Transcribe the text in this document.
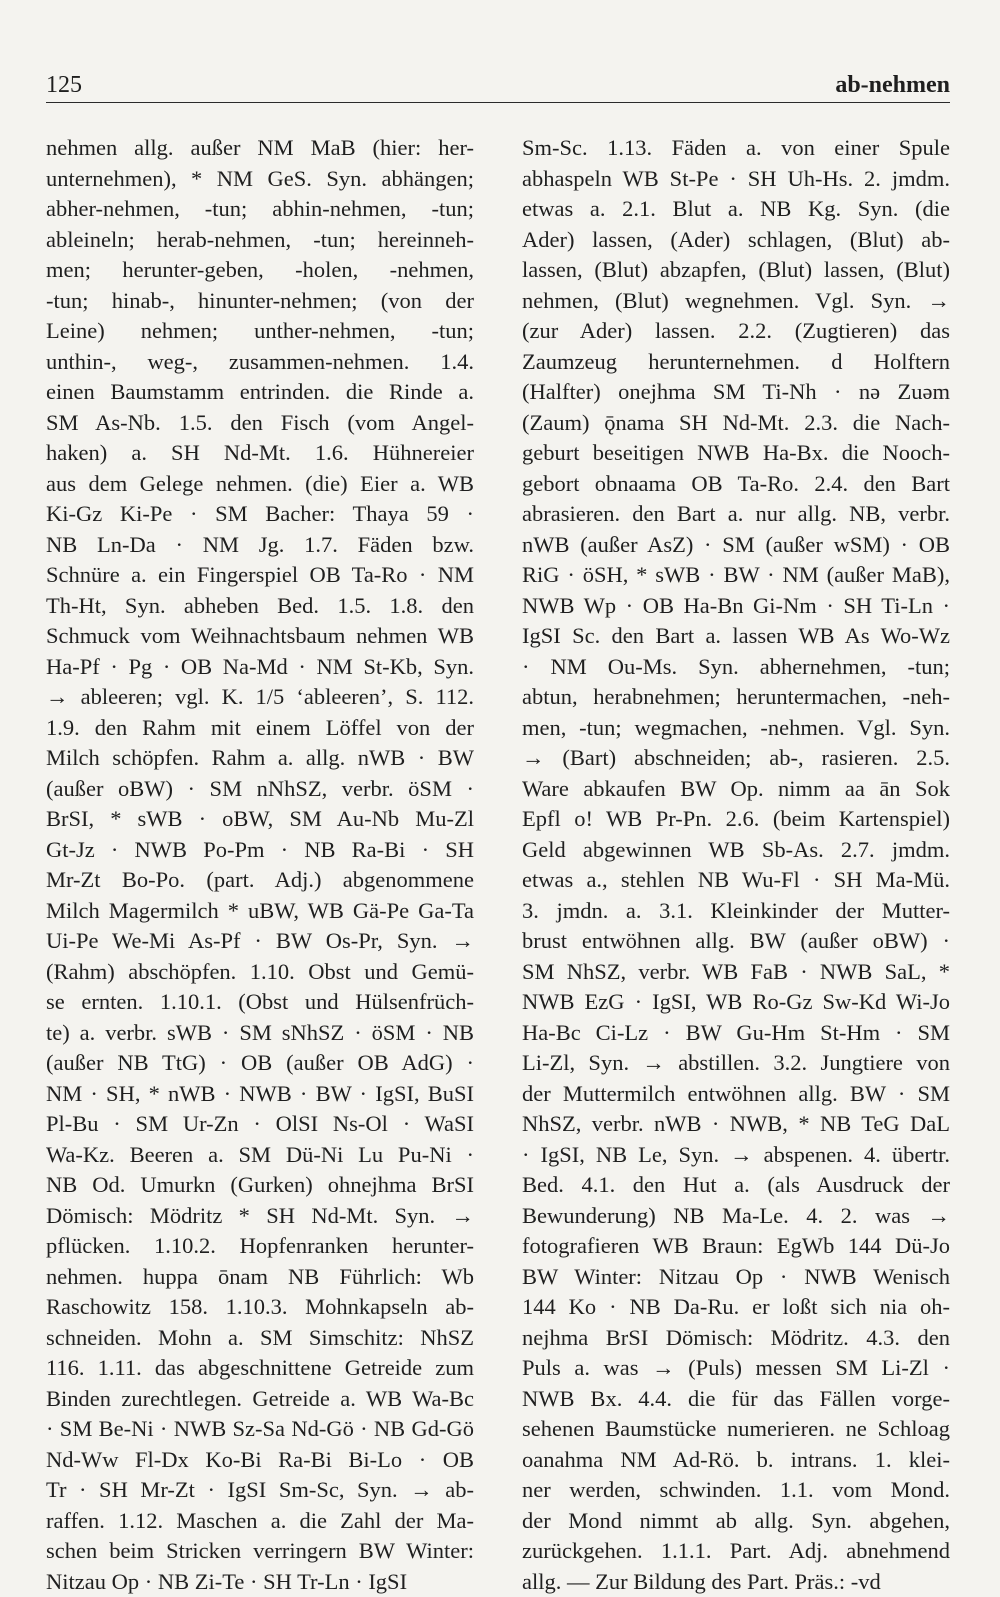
125	ab-nehmen
nehmen allg. außer NM MaB (hier: her-
unternehmen), * NM GeS. Syn. abhängen;
abher-nehmen, -tun; abhin-nehmen, -tun;
ableineln; herab-nehmen, -tun; hereinneh-
men; herunter-geben, -holen, -nehmen,
-tun; hinab-, hinunter-nehmen; (von der
Leine) nehmen; unther-nehmen, -tun;
unthin-, weg-, zusammen-nehmen. 1.4.
einen Baumstamm entrinden. die Rinde a.
SM As-Nb. 1.5. den Fisch (vom Angel-
haken) a. SH Nd-Mt. 1.6. Hühnereier
aus dem Gelege nehmen. (die) Eier a. WB
Ki-Gz Ki-Pe · SM Bacher: Thaya 59 ·
NB Ln-Da · NM Jg. 1.7. Fäden bzw.
Schnüre a. ein Fingerspiel OB Ta-Ro · NM
Th-Ht, Syn. abheben Bed. 1.5. 1.8. den
Schmuck vom Weihnachtsbaum nehmen WB
Ha-Pf · Pg · OB Na-Md · NM St-Kb, Syn.
→ ableeren; vgl. K. 1/5 ‘ableeren’, S. 112.
1.9. den Rahm mit einem Löffel von der
Milch schöpfen. Rahm a. allg. nWB · BW
(außer oBW) · SM nNhSZ, verbr. öSM ·
BrSI, * sWB · oBW, SM Au-Nb Mu-Zl
Gt-Jz · NWB Po-Pm · NB Ra-Bi · SH
Mr-Zt Bo-Po. (part. Adj.) abgenommene
Milch Magermilch * uBW, WB Gä-Pe Ga-Ta
Ui-Pe We-Mi As-Pf · BW Os-Pr, Syn. →
(Rahm) abschöpfen. 1.10. Obst und Gemü-
se ernten. 1.10.1. (Obst und Hülsenfrüch-
te) a. verbr. sWB · SM sNhSZ · öSM · NB
(außer NB TtG) · OB (außer OB AdG) ·
NM · SH, * nWB · NWB · BW · IgSI, BuSI
Pl-Bu · SM Ur-Zn · OlSI Ns-Ol · WaSI
Wa-Kz. Beeren a. SM Dü-Ni Lu Pu-Ni ·
NB Od. Umurkn (Gurken) ohnejhma BrSI
Dömisch: Mödritz * SH Nd-Mt. Syn. →
pflücken. 1.10.2. Hopfenranken herunter-
nehmen. huppa ōnam NB Führlich: Wb
Raschowitz 158. 1.10.3. Mohnkapseln ab-
schneiden. Mohn a. SM Simschitz: NhSZ
116. 1.11. das abgeschnittene Getreide zum
Binden zurechtlegen. Getreide a. WB Wa-Bc
· SM Be-Ni · NWB Sz-Sa Nd-Gö · NB Gd-Gö
Nd-Ww Fl-Dx Ko-Bi Ra-Bi Bi-Lo · OB
Tr · SH Mr-Zt · IgSI Sm-Sc, Syn. → ab-
raffen. 1.12. Maschen a. die Zahl der Ma-
schen beim Stricken verringern BW Winter:
Nitzau Op · NB Zi-Te · SH Tr-Ln · IgSI
Sm-Sc. 1.13. Fäden a. von einer Spule
abhaspeln WB St-Pe · SH Uh-Hs. 2. jmdm.
etwas a. 2.1. Blut a. NB Kg. Syn. (die
Ader) lassen, (Ader) schlagen, (Blut) ab-
lassen, (Blut) abzapfen, (Blut) lassen, (Blut)
nehmen, (Blut) wegnehmen. Vgl. Syn. →
(zur Ader) lassen. 2.2. (Zugtieren) das
Zaumzeug herunternehmen. d Holftern
(Halfter) onejhma SM Ti-Nh · nə Zuəm
(Zaum) ǭnama SH Nd-Mt. 2.3. die Nach-
geburt beseitigen NWB Ha-Bx. die Nooch-
gebort obnaama OB Ta-Ro. 2.4. den Bart
abrasieren. den Bart a. nur allg. NB, verbr.
nWB (außer AsZ) · SM (außer wSM) · OB
RiG · öSH, * sWB · BW · NM (außer MaB),
NWB Wp · OB Ha-Bn Gi-Nm · SH Ti-Ln ·
IgSI Sc. den Bart a. lassen WB As Wo-Wz
· NM Ou-Ms. Syn. abhernehmen, -tun;
abtun, herabnehmen; heruntermachen, -neh-
men, -tun; wegmachen, -nehmen. Vgl. Syn.
→ (Bart) abschneiden; ab-, rasieren. 2.5.
Ware abkaufen BW Op. nimm aa ān Sok
Epfl o! WB Pr-Pn. 2.6. (beim Kartenspiel)
Geld abgewinnen WB Sb-As. 2.7. jmdm.
etwas a., stehlen NB Wu-Fl · SH Ma-Mü.
3. jmdn. a. 3.1. Kleinkinder der Mutter-
brust entwöhnen allg. BW (außer oBW) ·
SM NhSZ, verbr. WB FaB · NWB SaL, *
NWB EzG · IgSI, WB Ro-Gz Sw-Kd Wi-Jo
Ha-Bc Ci-Lz · BW Gu-Hm St-Hm · SM
Li-Zl, Syn. → abstillen. 3.2. Jungtiere von
der Muttermilch entwöhnen allg. BW · SM
NhSZ, verbr. nWB · NWB, * NB TeG DaL
· IgSI, NB Le, Syn. → abspenen. 4. übertr.
Bed. 4.1. den Hut a. (als Ausdruck der
Bewunderung) NB Ma-Le. 4. 2. was →
fotografieren WB Braun: EgWb 144 Dü-Jo
BW Winter: Nitzau Op · NWB Wenisch
144 Ko · NB Da-Ru. er loßt sich nia oh-
nejhma BrSI Dömisch: Mödritz. 4.3. den
Puls a. was → (Puls) messen SM Li-Zl ·
NWB Bx. 4.4. die für das Fällen vorge-
sehenen Baumstücke numerieren. ne Schloag
oanahma NM Ad-Rö. b. intrans. 1. klei-
ner werden, schwinden. 1.1. vom Mond.
der Mond nimmt ab allg. Syn. abgehen,
zurückgehen. 1.1.1. Part. Adj. abnehmend
allg. — Zur Bildung des Part. Präs.: -vd
